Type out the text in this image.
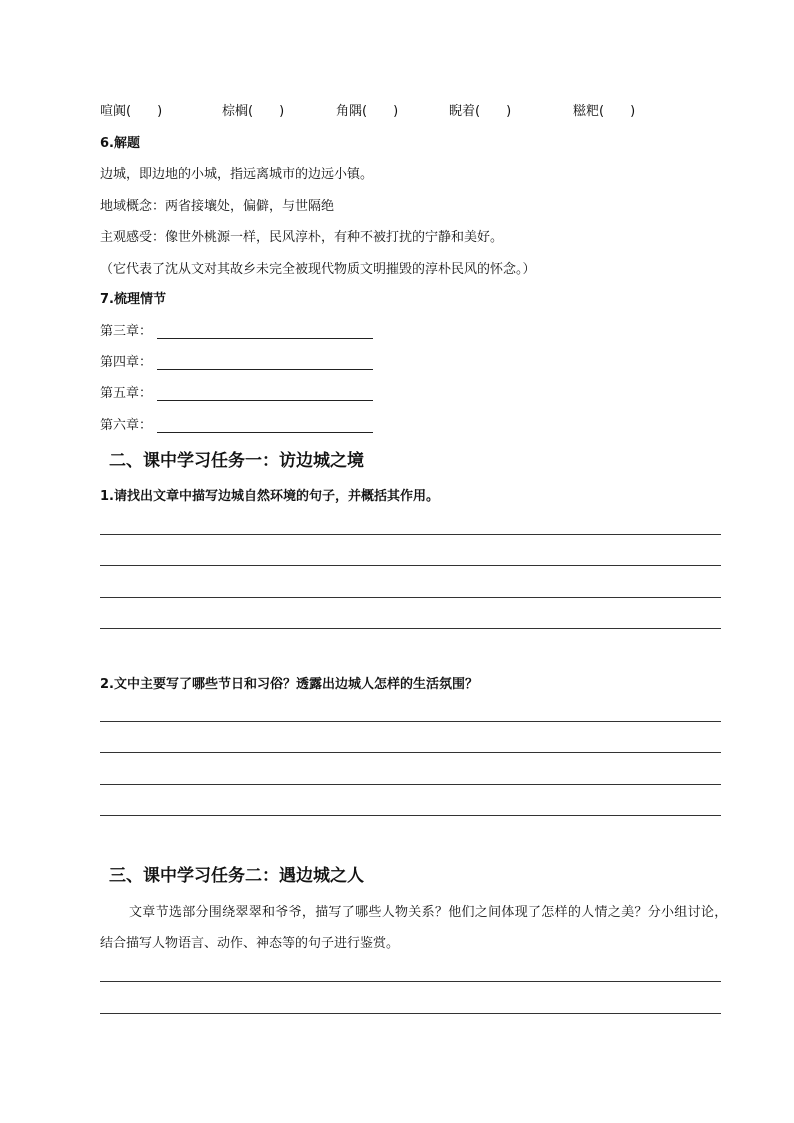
喧阗(　　)	棕榈(　　)	角隅(　　)	睨着(　　)	糍粑(　　)
6.解题
边城，即边地的小城，指远离城市的边远小镇。
地域概念：两省接壤处，偏僻，与世隔绝
主观感受：像世外桃源一样，民风淳朴，有种不被打扰的宁静和美好。
（它代表了沈从文对其故乡未完全被现代物质文明摧毁的淳朴民风的怀念。）
7.梳理情节
第三章：
第四章：
第五章：
第六章：
二、课中学习任务一：访边城之境
1.请找出文章中描写边城自然环境的句子，并概括其作用。
2.文中主要写了哪些节日和习俗？透露出边城人怎样的生活氛围？
三、课中学习任务二：遇边城之人
文章节选部分围绕翠翠和爷爷，描写了哪些人物关系？他们之间体现了怎样的人情之美？分小组讨论，
结合描写人物语言、动作、神态等的句子进行鉴赏。
